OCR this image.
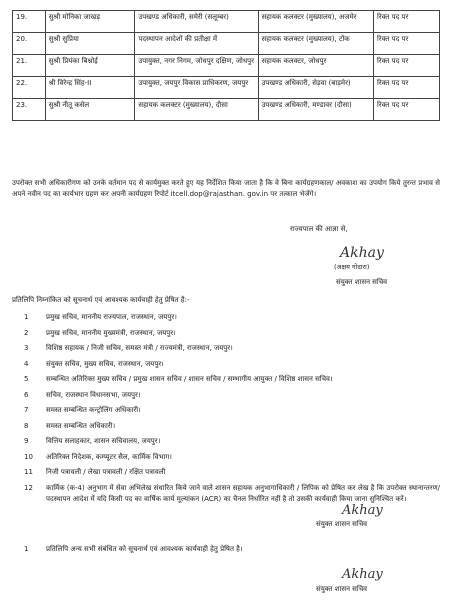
19.	सुश्री मोनिका जाखड़	उपखण्ड अधिकारी, समेरी (सलूम्बर)	सहायक कलक्टर (मुख्यालय), अजमेर	रिक्त पद पर
20.	सुश्री सुप्रिया	पदस्थापन आदेशों की प्रतीक्षा में	सहायक कलक्टर (मुख्यालय), टोंक	रिक्त पद पर
21.	सुश्री प्रियंका बिश्नोई	उपायुक्त, नगर निगम, जोधपुर दक्षिण, जोधपुर	सहायक कलक्टर, जोधपुर	रिक्त पद पर
22.	श्री विरेन्द्र सिंह-II	उपायुक्त, जयपुर विकास प्राधिकरण, जयपुर	उपखण्ड अधिकारी, सेड़वा (बाड़मेर)	रिक्त पद पर
23.	सुश्री नीतू कसेल	सहायक कलक्टर (मुख्यालय), दौसा	उपखण्ड अधिकारी, मण्डावर (दौसा)	रिक्त पद पर
उपरोक्त सभी अधिकारीगण को उनके वर्तमान पद से कार्यमुक्त करते हुए यह निर्देशित किया जाता है कि वे बिना कार्यग्रहणकाल/ अवकाश का उपयोग किये तुरन्त प्रभाव से अपने नवीन पद का कार्यभार ग्रहण कर अपनी कार्यग्रहण रिपोर्ट itcell.dop@rajasthan. gov.in पर तत्काल भेजेंगे।
राज्यपाल की आज्ञा से,
Akhay
(अक्षय गोदारा)
संयुक्त शासन सचिव
प्रतिलिपि निम्नांकित को सूचनार्थ एवं आवश्यक कार्यवाही हेतु प्रेषित है:-
1	प्रमुख सचिव, माननीय राज्यपाल, राजस्थान, जयपुर।
2	प्रमुख सचिव, माननीय मुख्यमंत्री, राजस्थान, जयपुर।
3	विशिष्ठ सहायक / निजी सचिव, समस्त मंत्री / राज्यमंत्री, राजस्थान, जयपुर।
4	संयुक्त सचिव, मुख्य सचिव, राजस्थान, जयपुर।
5	सम्बन्धित अतिरिक्त मुख्य सचिव / प्रमुख शासन सचिव / शासन सचिव / सम्भागीय आयुक्त / विशिष्ठ शासन सचिव।
6	सचिव, राजस्थान विधानसभा, जयपुर।
7	समस्त सम्बन्धित कन्ट्रोलिंग अधिकारी।
8	समस्त सम्बन्धित अधिकारी।
9	वित्तिय सलाहकार, शासन सचिवालय, जयपुर।
10	अतिरिक्त निदेशक, कम्प्यूटर सैल, कार्मिक विभाग।
11	निजी पत्रावली / लेखा पत्रावली / रक्षित पत्रावली
12	कार्मिक (क-4) अनुभाग में सेवा अभिलेख संधारित किये जाने वाले शासन सहायक अनुभागाधिकारी / लिपिक को प्रेषित कर लेख है कि उपरोक्त स्थानान्तरण/पदस्थापन आदेश में यदि किसी पद का वार्षिक कार्य मूल्यांकन (ACR) का चैनल निर्धारित नहीं है तो उसकी कार्यवाही किया जाना सुनिश्चित करें।
Akhay
संयुक्त शासन सचिव
1	प्रतिलिपि अन्य सभी संबंधित को सूचनार्थ एवं आवश्यक कार्यवाही हेतु प्रेषित है।
Akhay
संयुक्त शासन सचिव
